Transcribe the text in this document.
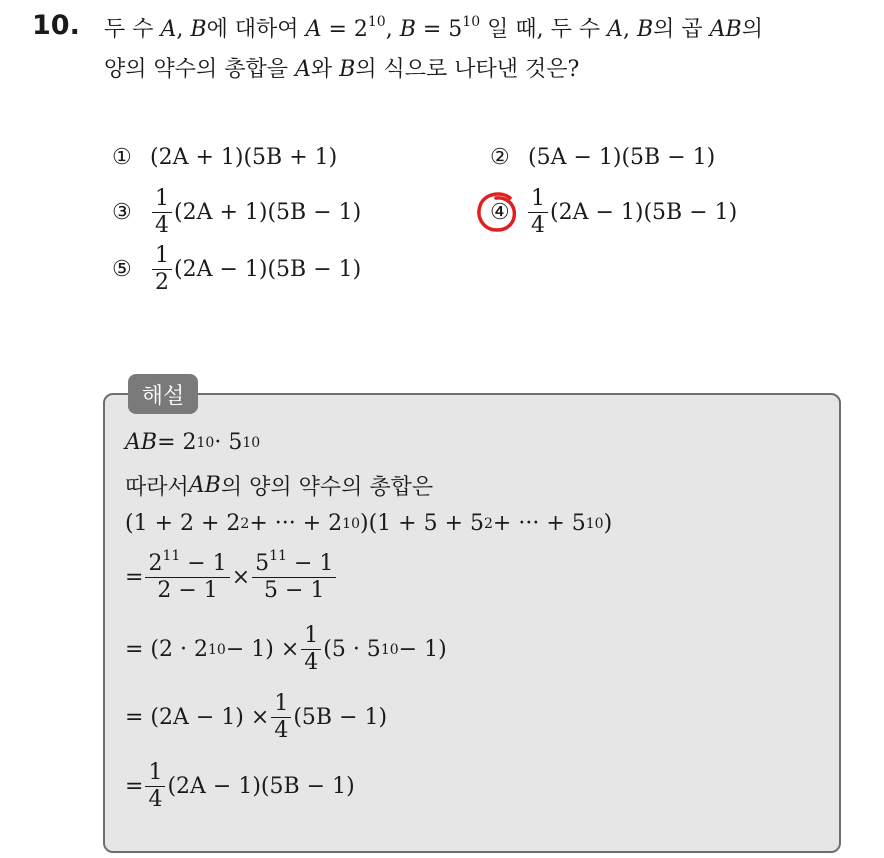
10. 두 수 A, B에 대하여 $A = 2^{10}$, $B = 5^{10}$ 일 때, 두 수 A, B의 곱 AB의
양의 약수의 총합을 A와 B의 식으로 나타낸 것은?
① (2A + 1)(5B + 1)	② (5A − 1)(5B − 1)
③ $\frac{1}{4} (2A + 1)(5B - 1)$	④ $\frac{1}{4} (2A - 1)(5B - 1)$
⑤ $\frac{1}{2} (2A - 1)(5B - 1)$
해설
AB = 2 10 · 5 10
따라서 AB 의 양의 약수의 총합은
(1 + 2 + 2 2 + ··· + 2 10 )(1 + 5 + 5 2 + ··· + 5 10 )
= $\frac{2^{11} - 1}{2 - 1} \times \frac{5^{11} - 1}{5 - 1}$
= (2 · 2 $10 - 1) \times \frac{1}{4} (5 \cdot 5$ 10 − 1)
= $(2A - 1) \times \frac{1}{4} (5B - 1)$
= $\frac{1}{4} (2A - 1)(5B - 1)$
